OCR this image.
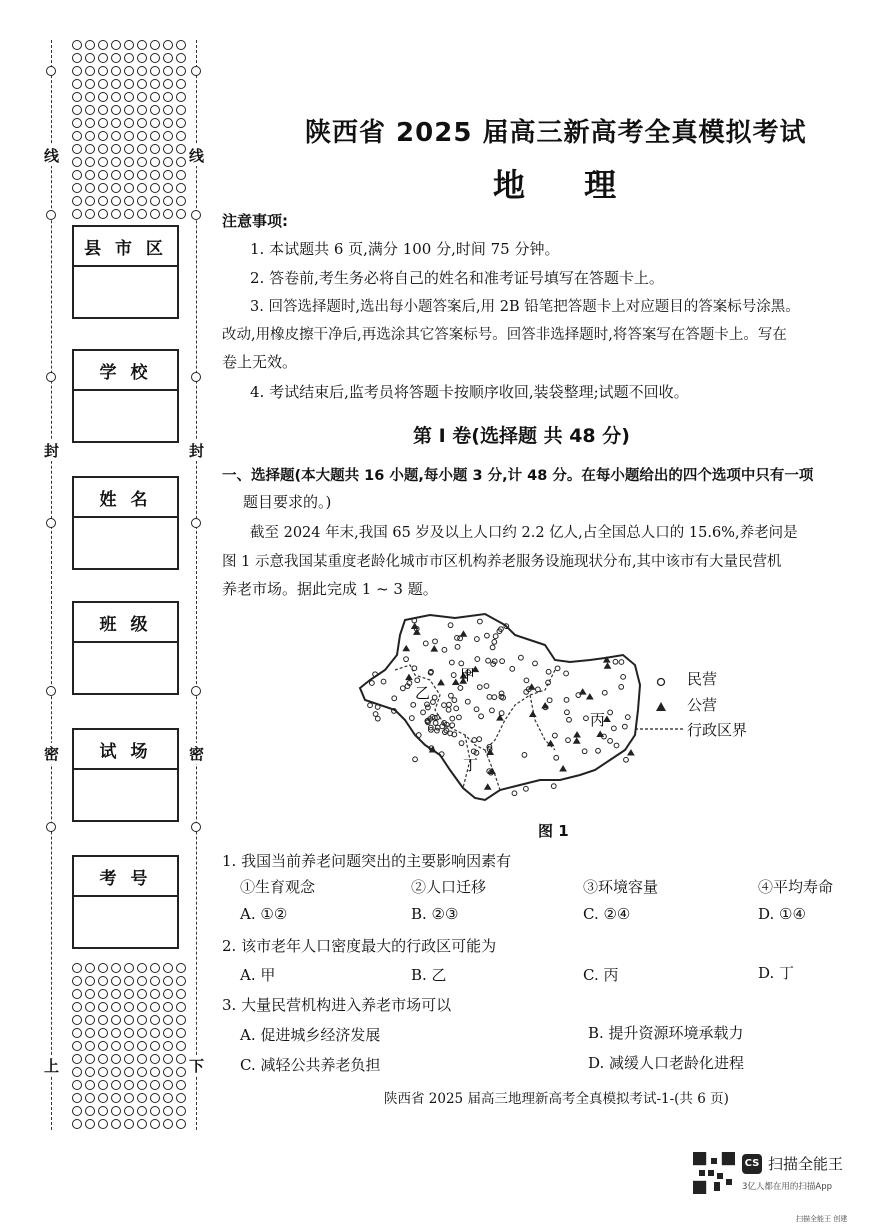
线	线
封	封
密	密
上	下
县 市 区
学 校
姓 名
班 级
试 场
考 号
陕西省 2025 届高三新高考全真模拟考试
地 理
注意事项:
1. 本试题共 6 页,满分 100 分,时间 75 分钟。
2. 答卷前,考生务必将自己的姓名和准考证号填写在答题卡上。
3. 回答选择题时,选出每小题答案后,用 2B 铅笔把答题卡上对应题目的答案标号涂黑。
改动,用橡皮擦干净后,再选涂其它答案标号。回答非选择题时,将答案写在答题卡上。写在
卷上无效。
4. 考试结束后,监考员将答题卡按顺序收回,装袋整理;试题不回收。
第 I 卷(选择题 共 48 分)
一、选择题(本大题共 16 小题,每小题 3 分,计 48 分。在每小题给出的四个选项中只有一项
题目要求的。)
截至 2024 年末,我国 65 岁及以上人口约 2.2 亿人,占全国总人口的 15.6%,养老问是
图 1 示意我国某重度老龄化城市市区机构养老服务设施现状分布,其中该市有大量民营机
养老市场。据此完成 1 ~ 3 题。
甲
乙
丙
丁
民营
公营
行政区界
图 1
1. 我国当前养老问题突出的主要影响因素有
①生育观念	②人口迁移	③环境容量	④平均寿命
A. ①②	B. ②③	C. ②④	D. ①④
2. 该市老年人口密度最大的行政区可能为
A. 甲	B. 乙	C. 丙	D. 丁
3. 大量民营机构进入养老市场可以
A. 促进城乡经济发展	B. 提升资源环境承载力
C. 减轻公共养老负担	D. 减缓人口老龄化进程
陕西省 2025 届高三地理新高考全真模拟考试-1-(共 6 页)
CS 扫描全能王
3亿人都在用的扫描App
扫描全能王 创建
